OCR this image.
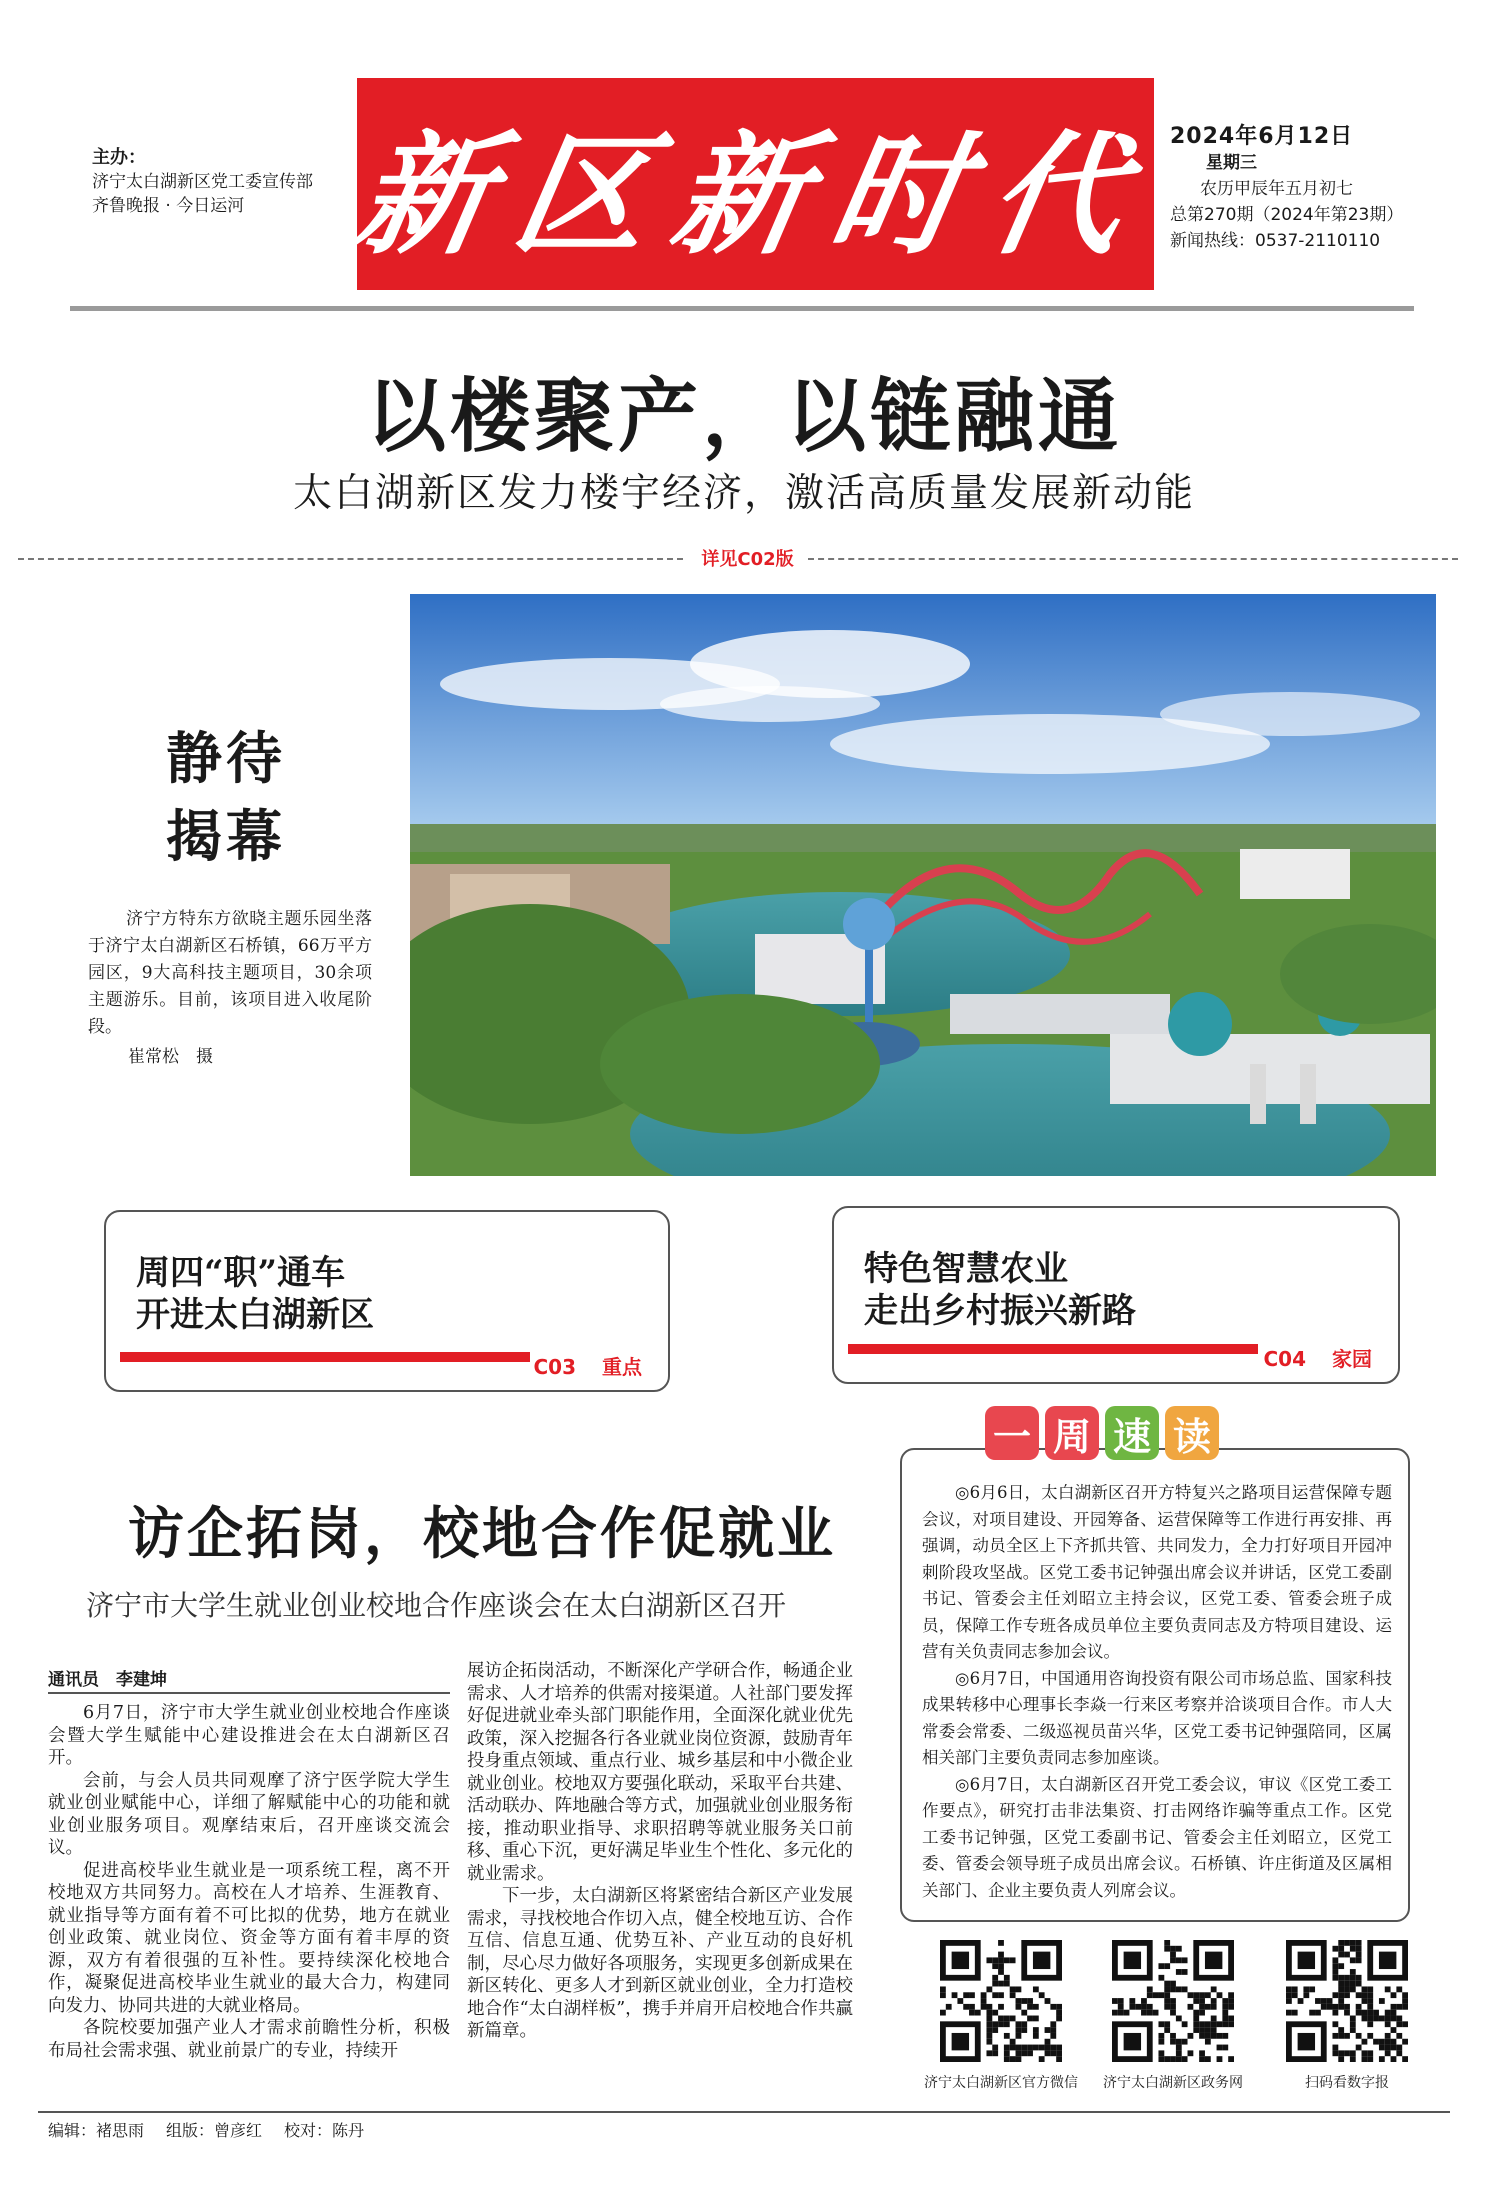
主办：
济宁太白湖新区党工委宣传部
齐鲁晚报 · 今日运河 新区新时代 2024年6月12日
星期三
农历甲辰年五月初七
总第270期（2024年第23期）
新闻热线：0537-2110110
以楼聚产，以链融通
太白湖新区发力楼宇经济，激活高质量发展新动能
详见C02版
静待
揭幕
济宁方特东方欲晓主题乐园坐落于济宁太白湖新区石桥镇，66万平方园区，9大高科技主题项目，30余项主题游乐。目前，该项目进入收尾阶段。
崔常松　摄
周四“职”通车
开进太白湖新区
C03 重点
特色智慧农业
走出乡村振兴新路
C04 家园
访企拓岗，校地合作促就业
济宁市大学生就业创业校地合作座谈会在太白湖新区召开
通讯员　李建坤

6月7日，济宁市大学生就业创业校地合作座谈会暨大学生赋能中心建设推进会在太白湖新区召开。

会前，与会人员共同观摩了济宁医学院大学生就业创业赋能中心，详细了解赋能中心的功能和就业创业服务项目。观摩结束后，召开座谈交流会议。

促进高校毕业生就业是一项系统工程，离不开校地双方共同努力。高校在人才培养、生涯教育、就业指导等方面有着不可比拟的优势，地方在就业创业政策、就业岗位、资金等方面有着丰厚的资源，双方有着很强的互补性。要持续深化校地合作，凝聚促进高校毕业生就业的最大合力，构建同向发力、协同共进的大就业格局。

各院校要加强产业人才需求前瞻性分析，积极布局社会需求强、就业前景广的专业，持续开

展访企拓岗活动，不断深化产学研合作，畅通企业需求、人才培养的供需对接渠道。人社部门要发挥好促进就业牵头部门职能作用，全面深化就业优先政策，深入挖掘各行各业就业岗位资源，鼓励青年投身重点领域、重点行业、城乡基层和中小微企业就业创业。校地双方要强化联动，采取平台共建、活动联办、阵地融合等方式，加强就业创业服务衔接，推动职业指导、求职招聘等就业服务关口前移、重心下沉，更好满足毕业生个性化、多元化的就业需求。

下一步，太白湖新区将紧密结合新区产业发展需求，寻找校地合作切入点，健全校地互访、合作互信、信息互通、优势互补、产业互动的良好机制，尽心尽力做好各项服务，实现更多创新成果在新区转化、更多人才到新区就业创业，全力打造校地合作“太白湖样板”，携手并肩开启校地合作共赢新篇章。

一 周 速 读

◎6月6日，太白湖新区召开方特复兴之路项目运营保障专题会议，对项目建设、开园筹备、运营保障等工作进行再安排、再强调，动员全区上下齐抓共管、共同发力，全力打好项目开园冲刺阶段攻坚战。区党工委书记钟强出席会议并讲话，区党工委副书记、管委会主任刘昭立主持会议，区党工委、管委会班子成员，保障工作专班各成员单位主要负责同志及方特项目建设、运营有关负责同志参加会议。

◎6月7日，中国通用咨询投资有限公司市场总监、国家科技成果转移中心理事长李焱一行来区考察并洽谈项目合作。市人大常委会常委、二级巡视员苗兴华，区党工委书记钟强陪同，区属相关部门主要负责同志参加座谈。

◎6月7日，太白湖新区召开党工委会议，审议《区党工委工作要点》，研究打击非法集资、打击网络诈骗等重点工作。区党工委书记钟强，区党工委副书记、管委会主任刘昭立，区党工委、管委会领导班子成员出席会议。石桥镇、许庄街道及区属相关部门、企业主要负责人列席会议。

济宁太白湖新区官方微信	济宁太白湖新区政务网	扫码看数字报
编辑：褚思雨 组版：曾彦红 校对：陈丹
